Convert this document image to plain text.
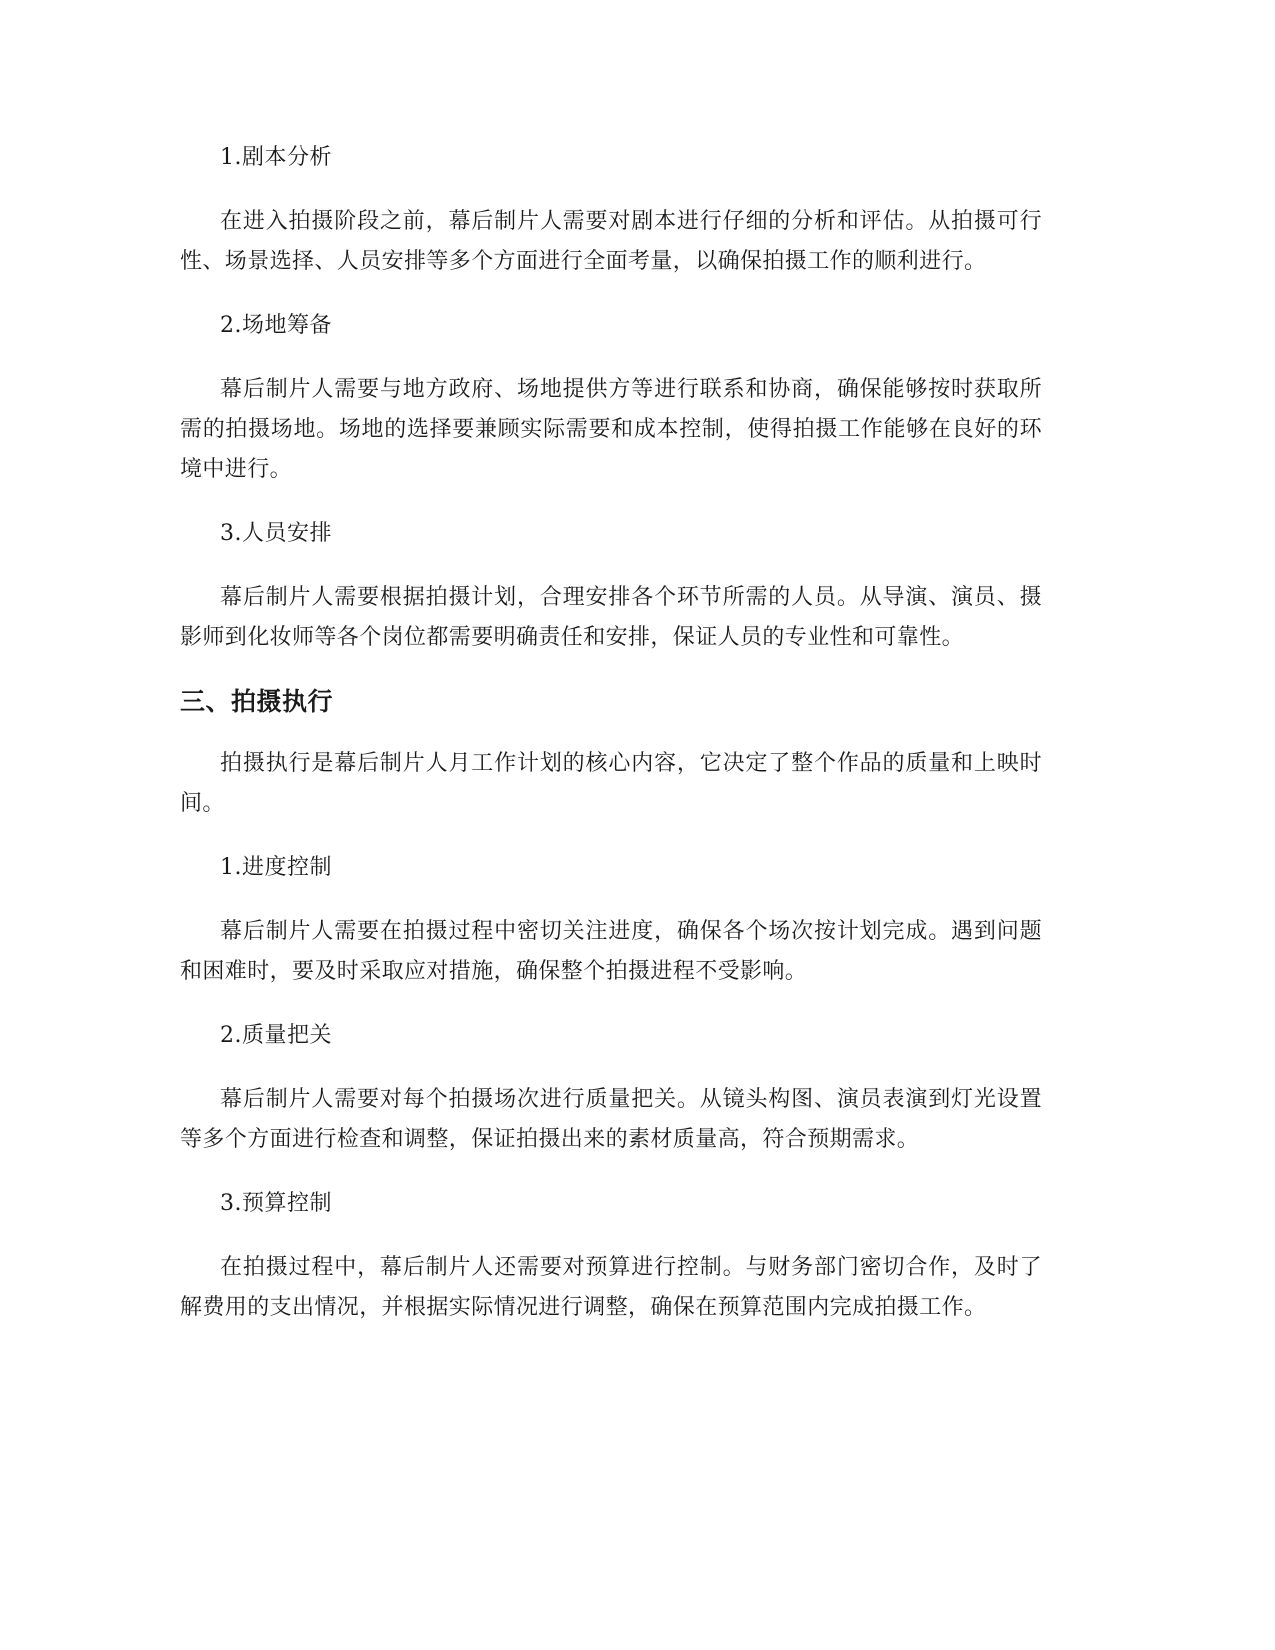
1.剧本分析

在进入拍摄阶段之前，幕后制片人需要对剧本进行仔细的分析和评估。从拍摄可行性、场景选择、人员安排等多个方面进行全面考量，以确保拍摄工作的顺利进行。

2.场地筹备

幕后制片人需要与地方政府、场地提供方等进行联系和协商，确保能够按时获取所需的拍摄场地。场地的选择要兼顾实际需要和成本控制，使得拍摄工作能够在良好的环境中进行。

3.人员安排

幕后制片人需要根据拍摄计划，合理安排各个环节所需的人员。从导演、演员、摄影师到化妆师等各个岗位都需要明确责任和安排，保证人员的专业性和可靠性。

三、拍摄执行

拍摄执行是幕后制片人月工作计划的核心内容，它决定了整个作品的质量和上映时间。

1.进度控制

幕后制片人需要在拍摄过程中密切关注进度，确保各个场次按计划完成。遇到问题和困难时，要及时采取应对措施，确保整个拍摄进程不受影响。

2.质量把关

幕后制片人需要对每个拍摄场次进行质量把关。从镜头构图、演员表演到灯光设置等多个方面进行检查和调整，保证拍摄出来的素材质量高，符合预期需求。

3.预算控制

在拍摄过程中，幕后制片人还需要对预算进行控制。与财务部门密切合作，及时了解费用的支出情况，并根据实际情况进行调整，确保在预算范围内完成拍摄工作。
